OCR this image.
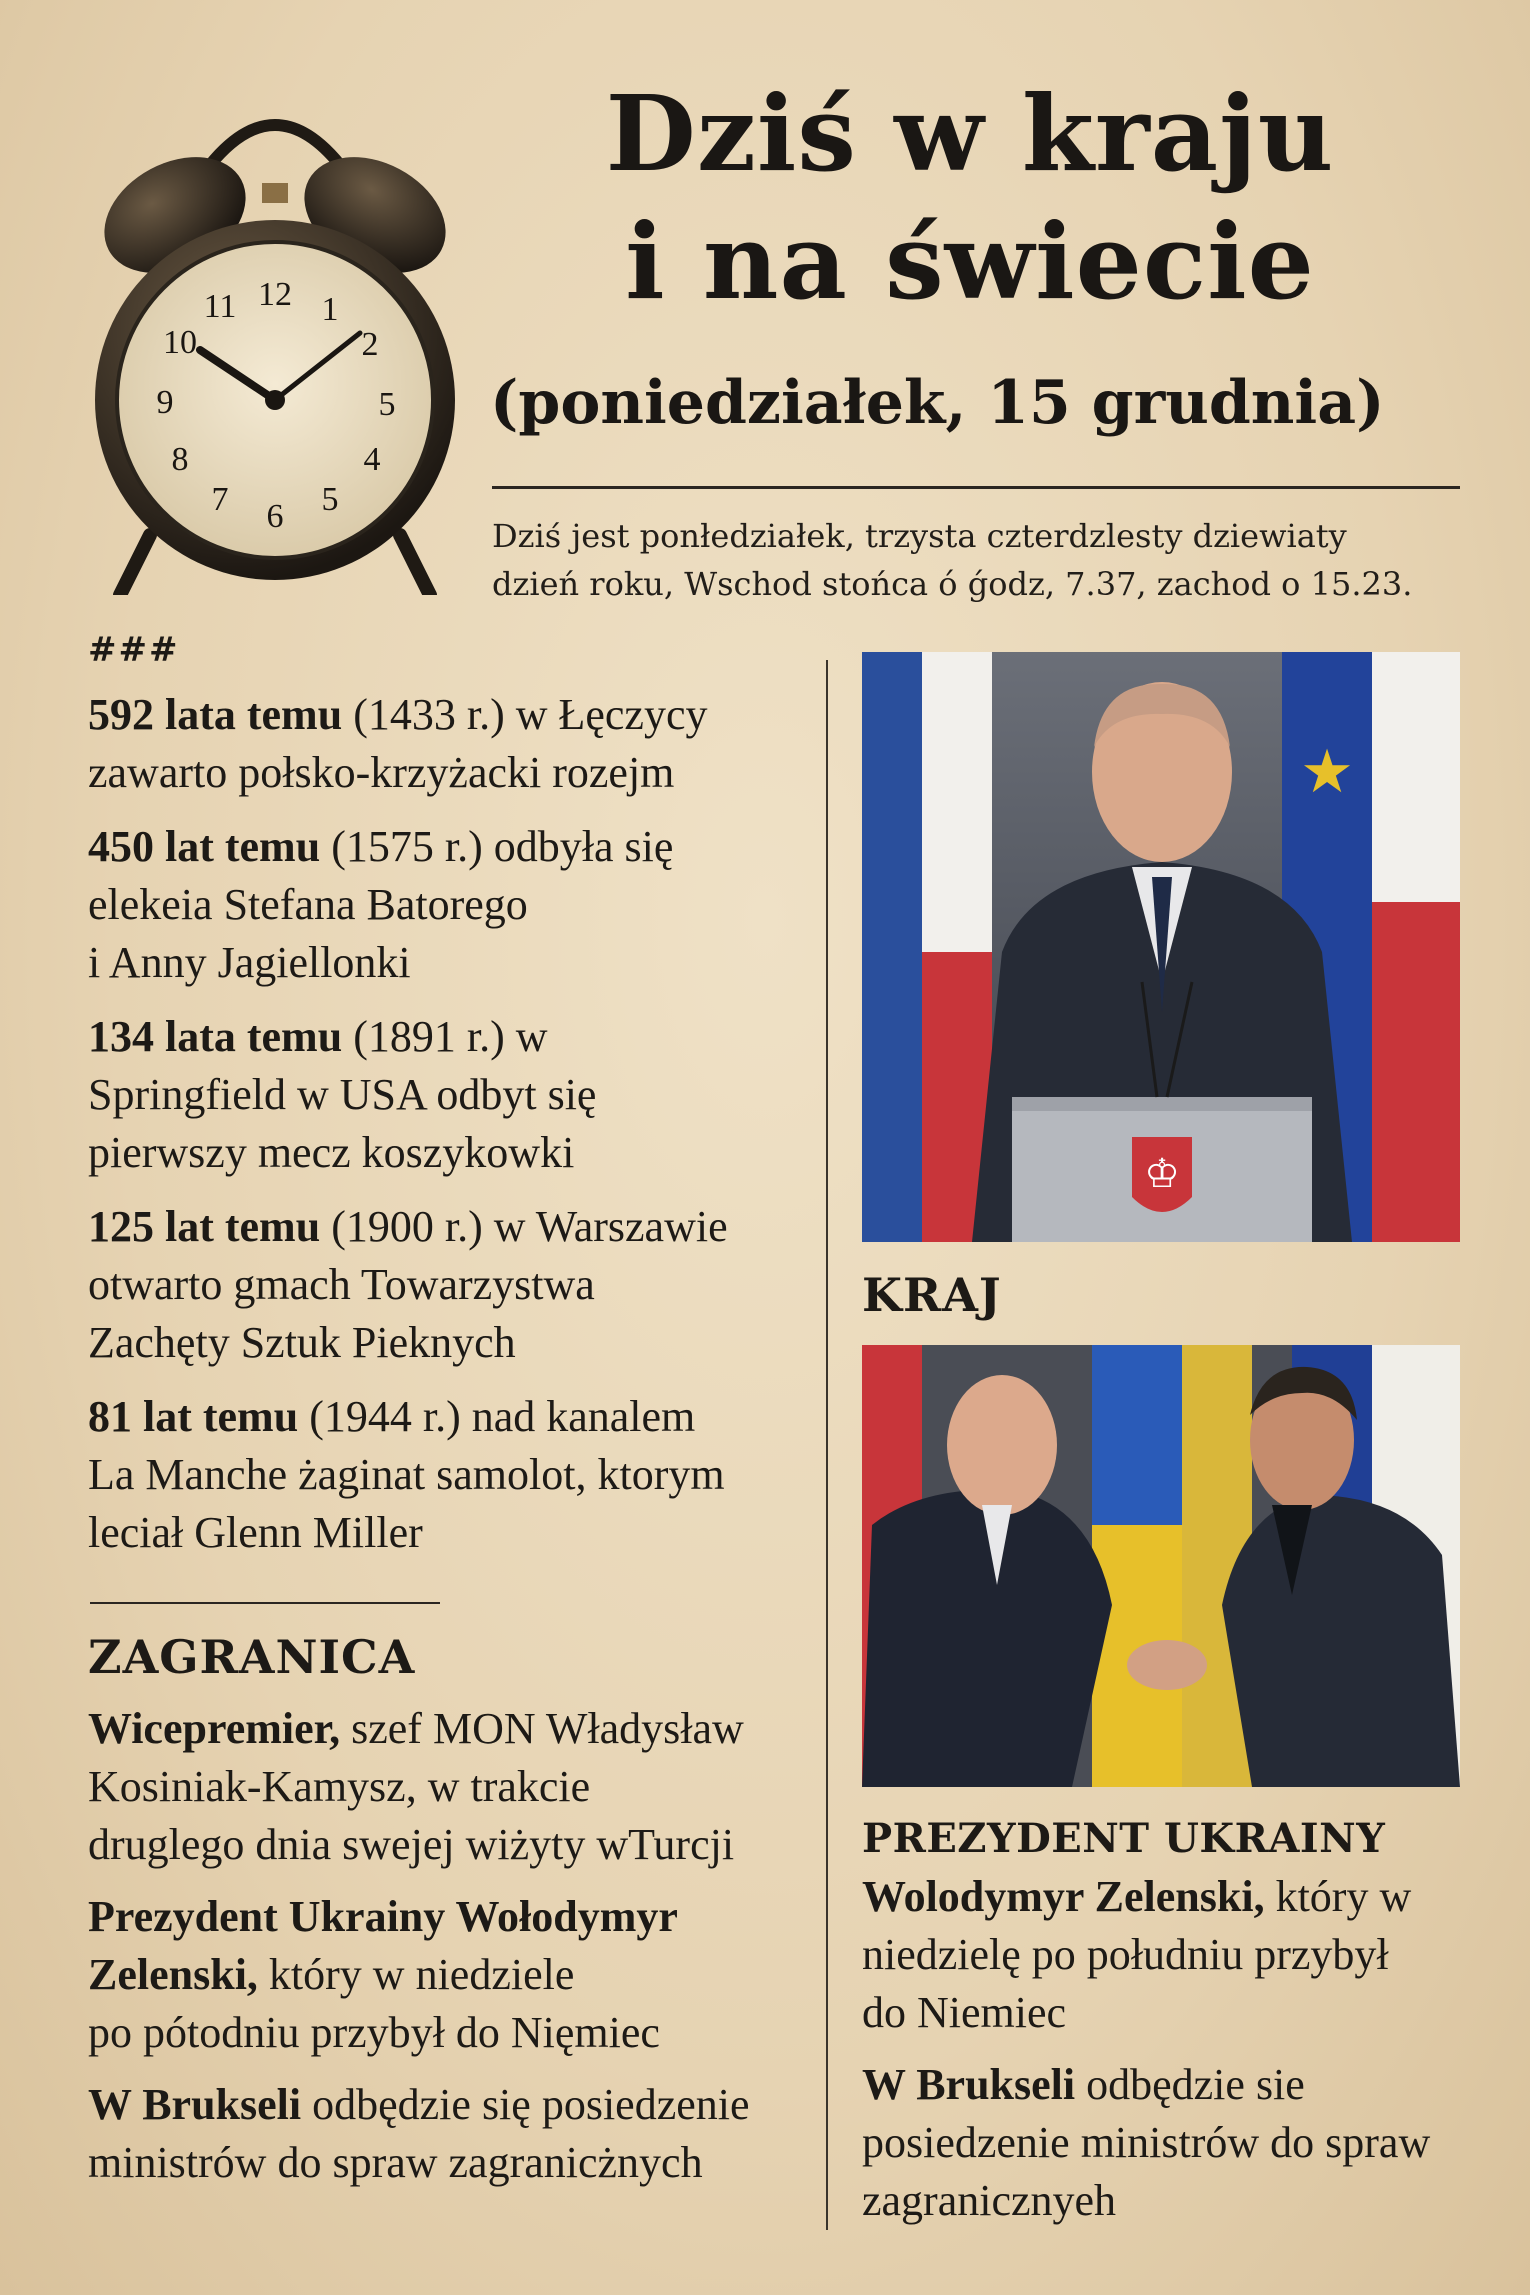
Dziś w kraju
i na świecie
(poniedziałek, 15 grudnia)
Dziś jest ponłedziałek, trzysta czterdzlesty dziewiaty
dzień roku, Wschod stońca ó ǵodz, 7.37, zachod o 15.23.
12 1
2
5
4
5
6
7
8
9
10
11
###
592 lata temu (1433 r.) w Łęczycy
zawarto połsko-krzyżacki rozejm
450 lat temu (1575 r.) odbyła się
elekeia Stefana Batorego
i Anny Jagiellonki
134 lata temu (1891 r.) w
Springfield w USA odbyt się
pierwszy mecz koszykowki
125 lat temu (1900 r.) w Warszawie
otwarto gmach Towarzystwa
Zachęty Sztuk Pieknych
81 lat temu (1944 r.) nad kanalem
La Manche żaginat samolot, ktorym
leciał Glenn Miller
ZAGRANICA
Wicepremier, szef MON Władysław
Kosiniak-Kamysz, w trakcie
druglego dnia swejej wiżyty wTurcji
Prezydent Ukrainy Wołodymyr
Zelenski, który w niedziele
po pótodniu przybył do Nięmiec
W Brukseli odbędzie się posiedzenie
ministrów do spraw zagranicżnych
★
♔
KRAJ
PREZYDENT UKRAINY
Wolodymyr Zelenski, który w
niedzielę po południu przybył
do Niemiec
W Brukseli odbędzie sie
posiedzenie ministrów do spraw
zagranicznyeh
